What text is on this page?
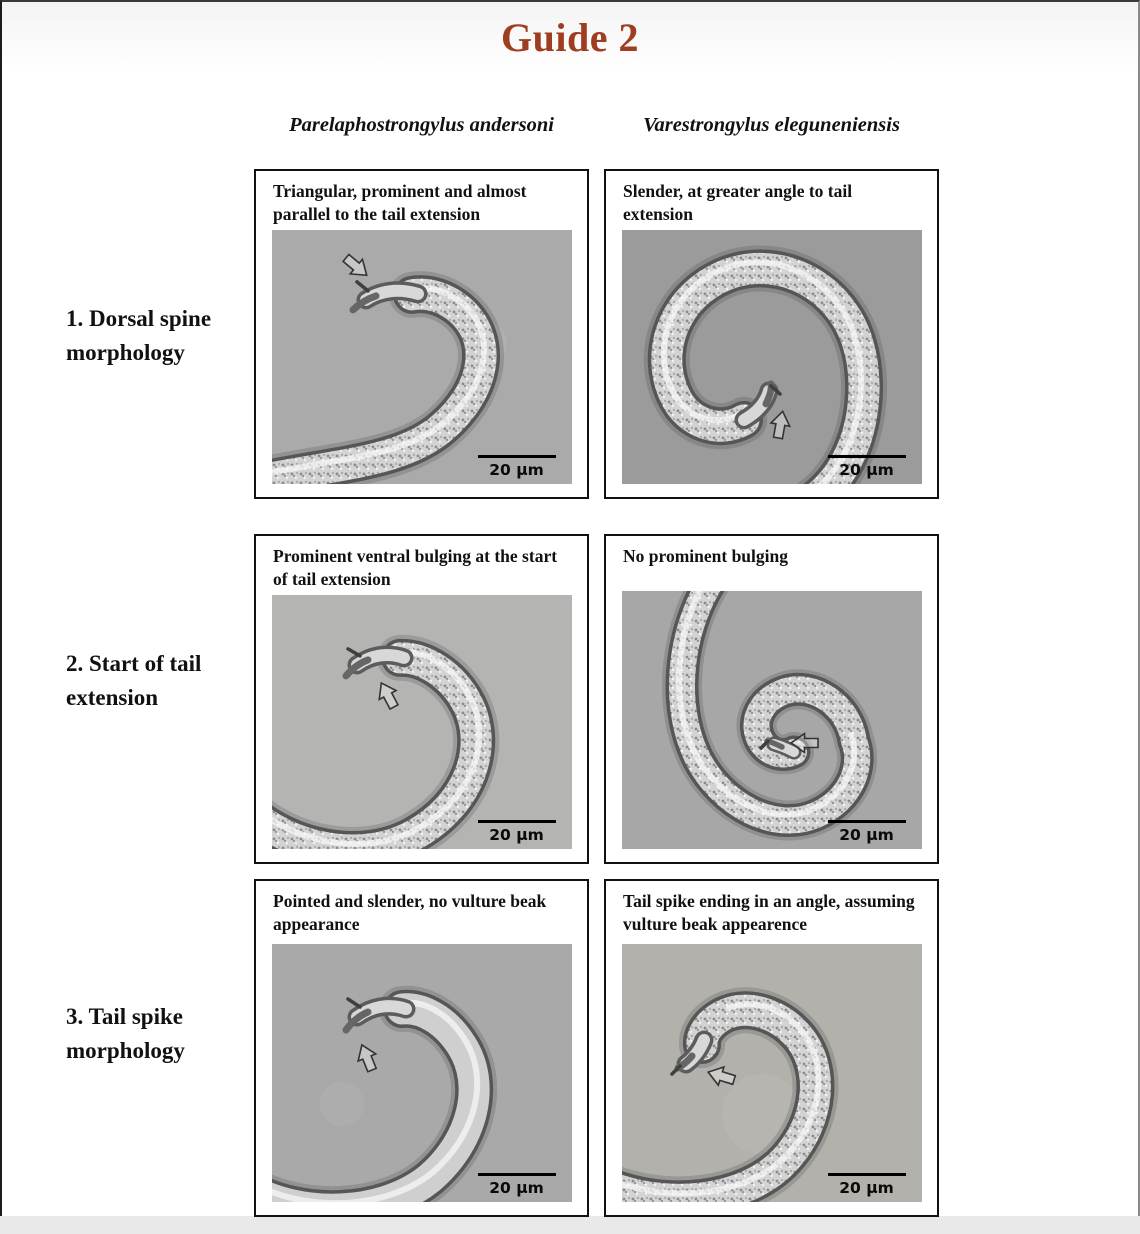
Guide 2
Parelaphostrongylus andersoni	Varestrongylus eleguneniensis
1. Dorsal spine morphology
2. Start of tail extension
3. Tail spike morphology
Triangular, prominent and almost parallel to the tail extension
20 μm
Slender, at greater angle to tail extension
20 μm
Prominent ventral bulging at the start of tail extension
20 μm
No prominent bulging
20 μm
Pointed and slender, no vulture beak appearance
20 μm
Tail spike ending in an angle, assuming vulture beak appearence
20 μm
